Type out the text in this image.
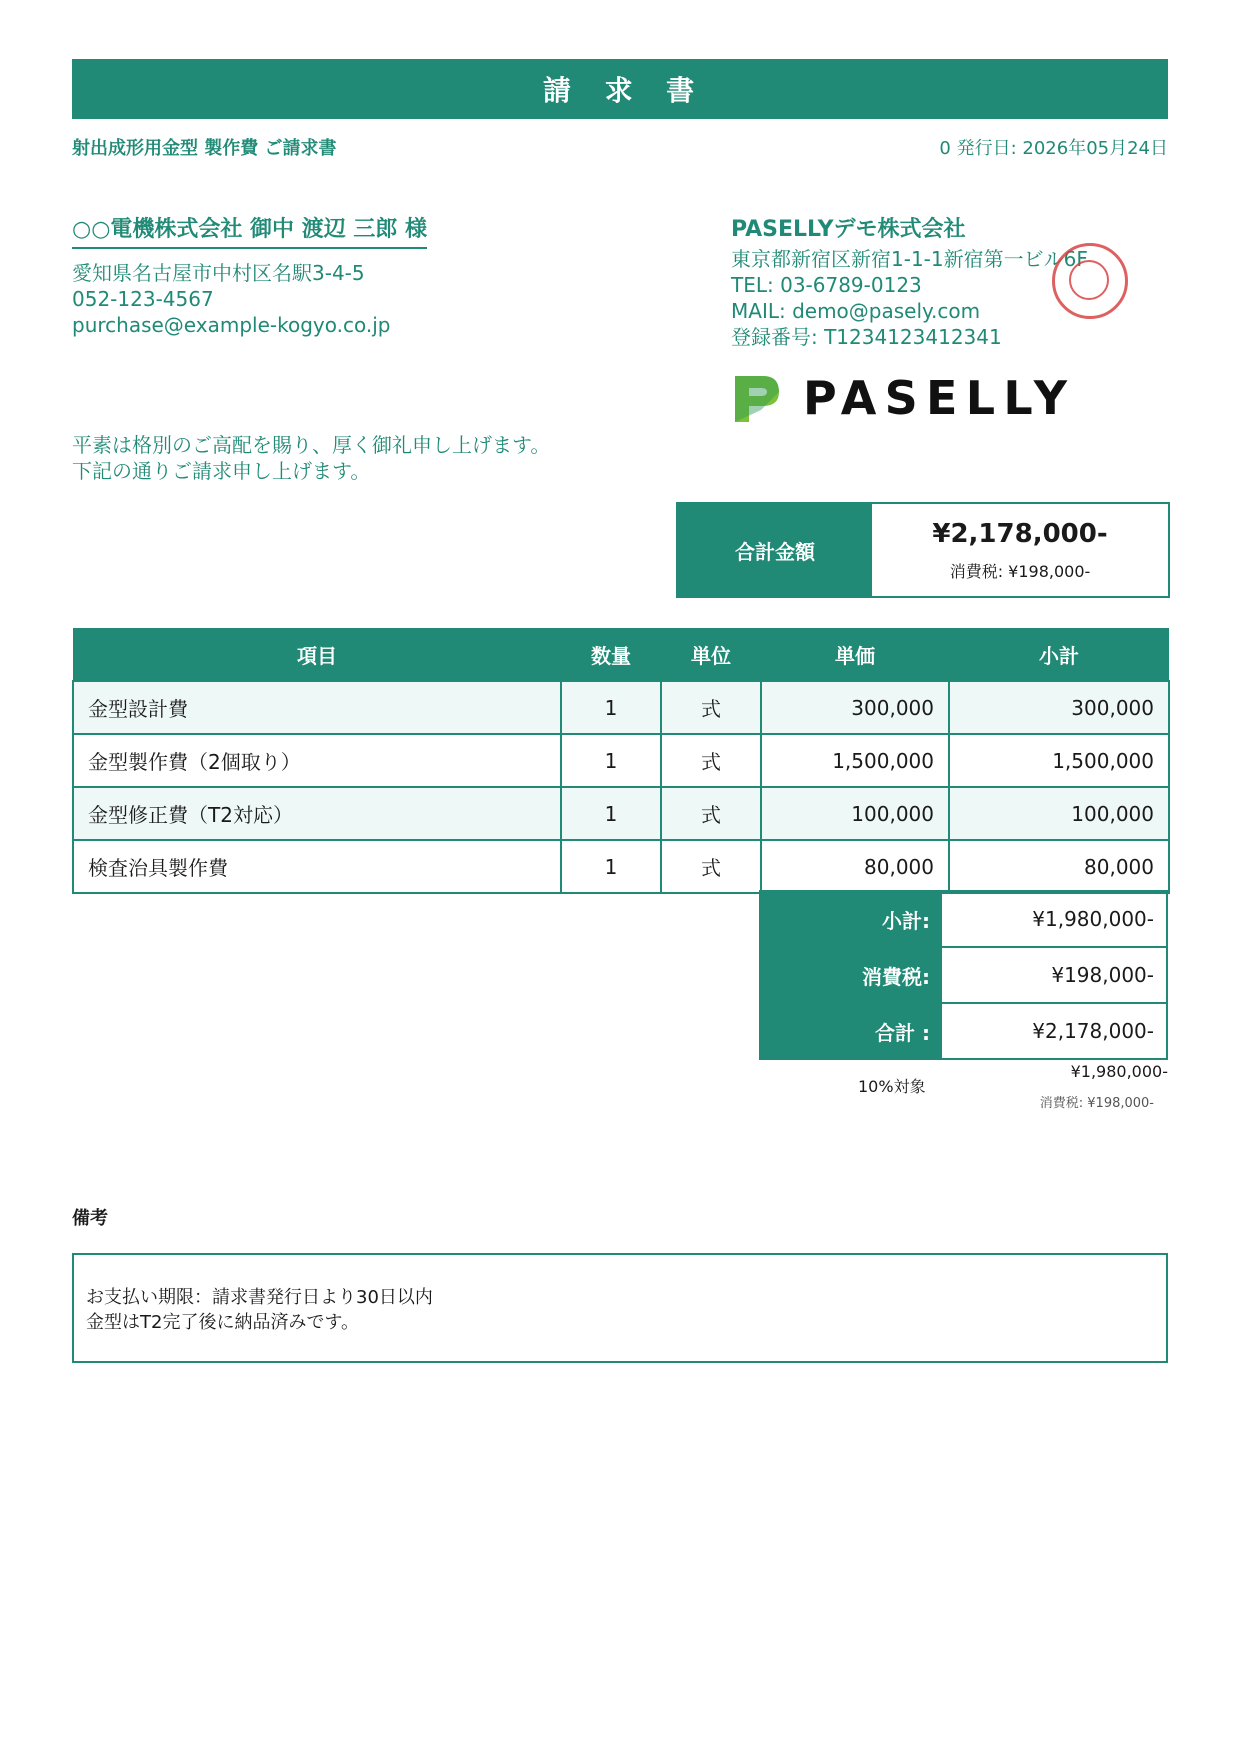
請　求　書
射出成形用金型 製作費 ご請求書	0 発行日: 2026年05月24日
○○電機株式会社 御中 渡辺 三郎 様
愛知県名古屋市中村区名駅3-4-5
052-123-4567
purchase@example-kogyo.co.jp
PASELLYデモ株式会社
東京都新宿区新宿1-1-1新宿第一ビル6F
TEL: 03-6789-0123
MAIL: demo@pasely.com
登録番号: T1234123412341
PASELLY
平素は格別のご高配を賜り、厚く御礼申し上げます。
下記の通りご請求申し上げます。
合計金額
¥2,178,000-
消費税: ¥198,000-
項目	数量	単位	単価	小計
金型設計費	1	式	300,000	300,000
金型製作費（2個取り）	1	式	1,500,000	1,500,000
金型修正費（T2対応）	1	式	100,000	100,000
検査治具製作費	1	式	80,000	80,000
小計:	¥1,980,000-
消費税:	¥198,000-
合計 :	¥2,178,000-
10%対象
¥1,980,000-
消費税: ¥198,000-
備考
お支払い期限：請求書発行日より30日以内
金型はT2完了後に納品済みです。
